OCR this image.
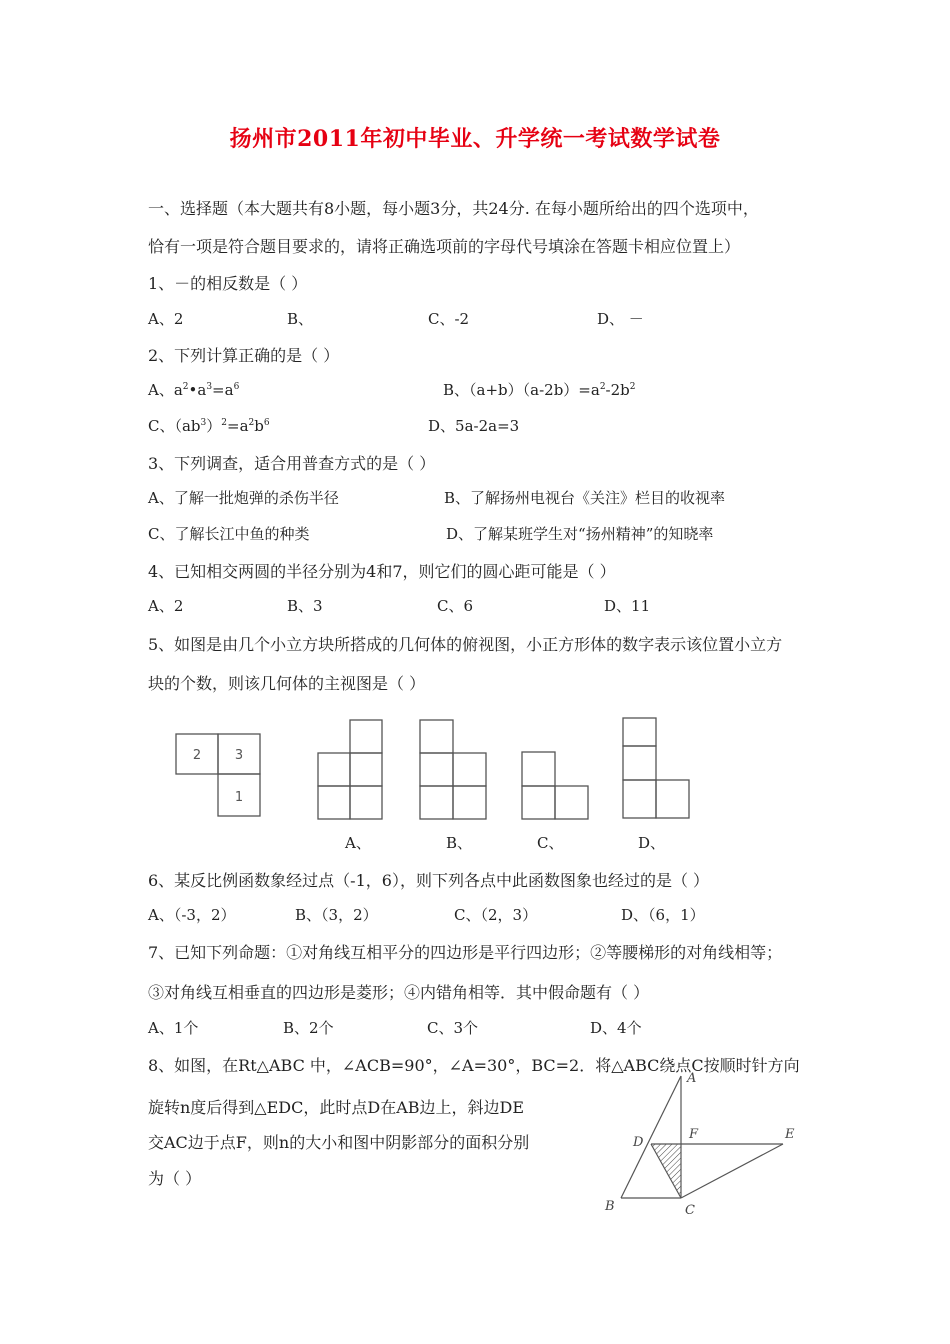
扬州市2011年初中毕业、升学统一考试数学试卷
一、选择题（本大题共有8小题，每小题3分，共24分. 在每小题所给出的四个选项中，
恰有一项是符合题目要求的，请将正确选项前的字母代号填涂在答题卡相应位置上）
1、－的相反数是（ ）
A、2	B、	C、-2	D、 －
2、下列计算正确的是（ ）
A、$a^2•a^3=a^6$	B、$(a+b)(a-2b)=a^2-2b^2$
C、$(ab^3)^2=a^2b^6$	D、5a-2a=3
3、下列调查，适合用普查方式的是（ ）
A、了解一批炮弹的杀伤半径	B、了解扬州电视台《关注》栏目的收视率
C、了解长江中鱼的种类	D、了解某班学生对“扬州精神”的知晓率
4、已知相交两圆的半径分别为4和7，则它们的圆心距可能是（ ）
A、2	B、3	C、6	D、11
5、如图是由几个小立方块所搭成的几何体的俯视图，小正方形体的数字表示该位置小立方
块的个数，则该几何体的主视图是（ ）
2	3
1
A、	B、	C、	D、
6、某反比例函数象经过点（-1，6），则下列各点中此函数图象也经过的是（ ）
A、（-3，2）	B、（3，2）	C、（2，3）	D、（6，1）
7、已知下列命题：①对角线互相平分的四边形是平行四边形；②等腰梯形的对角线相等；
③对角线互相垂直的四边形是菱形；④内错角相等．其中假命题有（ ）
A、1个	B、2个	C、3个	D、4个
8、如图，在Rt△ABC 中，∠ACB=90°，∠A=30°，BC=2．将△ABC绕点C按顺时针方向
旋转n度后得到△EDC，此时点D在AB边上，斜边DE
交AC边于点F，则n的大小和图中阴影部分的面积分别
为（ ）
A
B	C
D
E
F
